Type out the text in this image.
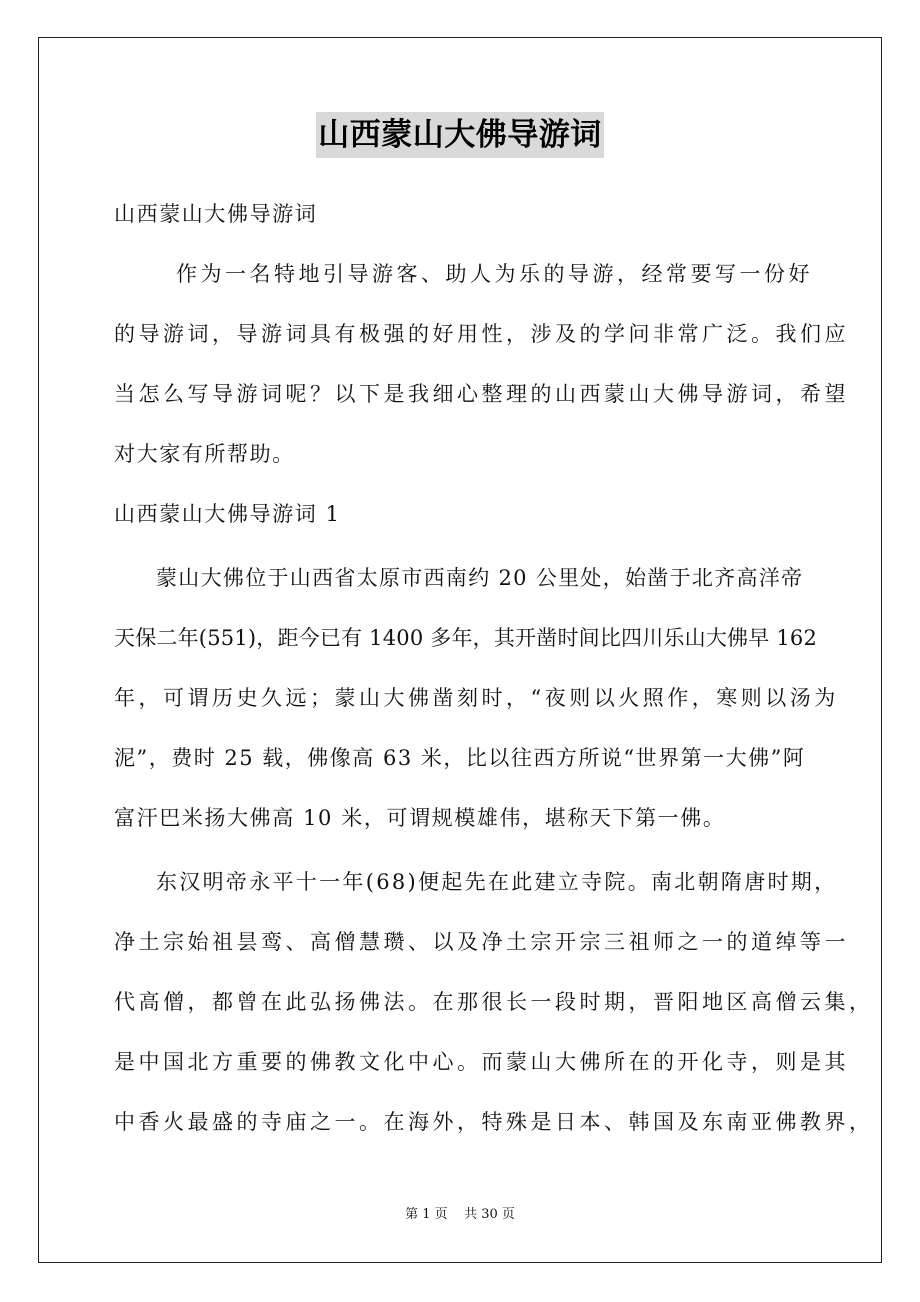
山西蒙山大佛导游词
山西蒙山大佛导游词
作为一名特地引导游客、助人为乐的导游，经常要写一份好
的导游词，导游词具有极强的好用性，涉及的学问非常广泛。我们应
当怎么写导游词呢？以下是我细心整理的山西蒙山大佛导游词，希望
对大家有所帮助。
山西蒙山大佛导游词 1
蒙山大佛位于山西省太原市西南约 20 公里处，始凿于北齐高洋帝
天保二年(551)，距今已有 1400 多年，其开凿时间比四川乐山大佛早 162
年，可谓历史久远；蒙山大佛凿刻时，“夜则以火照作，寒则以汤为
泥”，费时 25 载，佛像高 63 米，比以往西方所说“世界第一大佛”阿
富汗巴米扬大佛高 10 米，可谓规模雄伟，堪称天下第一佛。
东汉明帝永平十一年(68)便起先在此建立寺院。南北朝隋唐时期，
净土宗始祖昙鸾、高僧慧瓒、以及净土宗开宗三祖师之一的道绰等一
代高僧，都曾在此弘扬佛法。在那很长一段时期，晋阳地区高僧云集，
是中国北方重要的佛教文化中心。而蒙山大佛所在的开化寺，则是其
中香火最盛的寺庙之一。在海外，特殊是日本、韩国及东南亚佛教界，
第 1 页    共 30 页
